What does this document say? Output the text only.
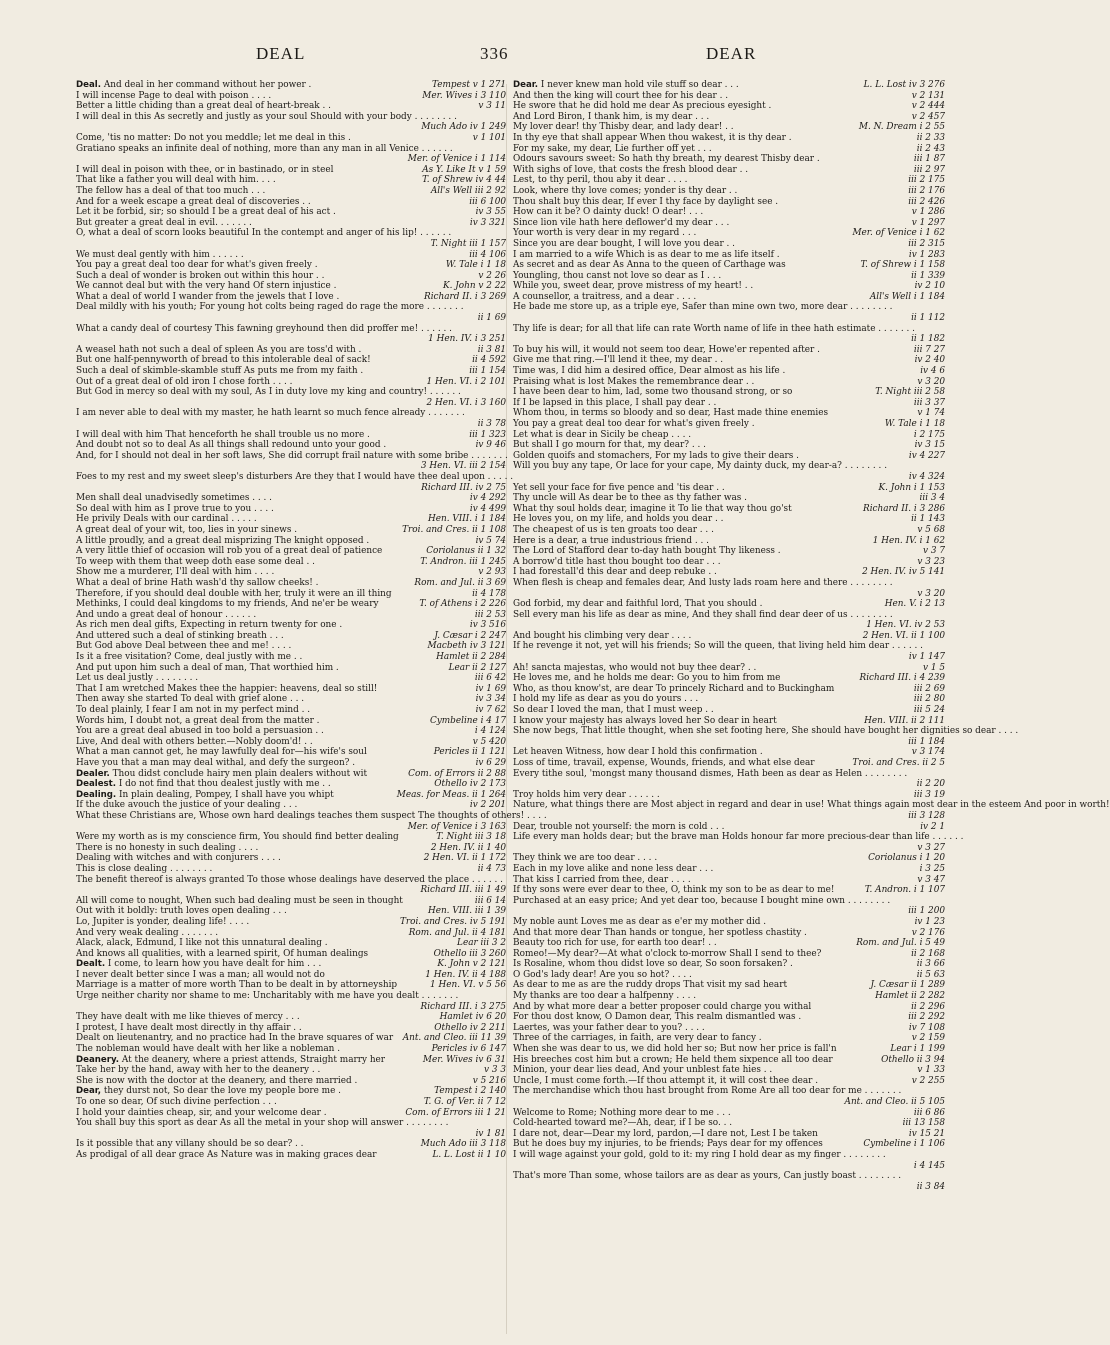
DEAL	336	DEAR
Deal. And deal in her command without her power .	Tempest v 1 271
I will incense Page to deal with poison . . . .	Mer. Wives i 3 110
Better a little chiding than a great deal of heart-break . .	v 3 11
I will deal in this As secretly and justly as your soul Should with your body . . . . . . . .
Much Ado iv 1 249
Come, 'tis no matter: Do not you meddle; let me deal in this .	v 1 101
Gratiano speaks an infinite deal of nothing, more than any man in all Venice . . . . . .
Mer. of Venice i 1 114
I will deal in poison with thee, or in bastinado, or in steel	As Y. Like It v 1 59
That like a father you will deal with him. . . .	T. of Shrew iv 4 44
The fellow has a deal of that too much . . .	All's Well iii 2 92
And for a week escape a great deal of discoveries . .	iii 6 100
Let it be forbid, sir; so should I be a great deal of his act .	iv 3 55
But greater a great deal in evil. . . . . . .	iv 3 321
O, what a deal of scorn looks beautiful In the contempt and anger of his lip! . . . . . .
T. Night iii 1 157
We must deal gently with him . . . . . .	iii 4 106
You pay a great deal too dear for what's given freely .	W. Tale i 1 18
Such a deal of wonder is broken out within this hour . .	v 2 26
We cannot deal but with the very hand Of stern injustice .	K. John v 2 22
What a deal of world I wander from the jewels that I love .	Richard II. i 3 269
Deal mildly with his youth; For young hot colts being raged do rage the more . . . . . . .
ii 1 69
What a candy deal of courtesy This fawning greyhound then did proffer me! . . . . . .
1 Hen. IV. i 3 251
A weasel hath not such a deal of spleen As you are toss'd with .	ii 3 81
But one half-pennyworth of bread to this intolerable deal of sack!	ii 4 592
Such a deal of skimble-skamble stuff As puts me from my faith .	iii 1 154
Out of a great deal of old iron I chose forth . . . .	1 Hen. VI. i 2 101
But God in mercy so deal with my soul, As I in duty love my king and country! . . . . . .
2 Hen. VI. i 3 160
I am never able to deal with my master, he hath learnt so much fence already . . . . . . .
ii 3 78
I will deal with him That henceforth he shall trouble us no more .	iii 1 323
And doubt not so to deal As all things shall redound unto your good .	iv 9 46
And, for I should not deal in her soft laws, She did corrupt frail nature with some bribe . . . . . . .
3 Hen. VI. iii 2 154
Foes to my rest and my sweet sleep's disturbers Are they that I would have thee deal upon . . . . .
Richard III. iv 2 75
Men shall deal unadvisedly sometimes . . . .	iv 4 292
So deal with him as I prove true to you . . . .	iv 4 499
He privily Deals with our cardinal . . . . .	Hen. VIII. i 1 184
A great deal of your wit, too, lies in your sinews .	Troi. and Cres. ii 1 108
A little proudly, and a great deal misprizing The knight opposed .	iv 5 74
A very little thief of occasion will rob you of a great deal of patience	Coriolanus ii 1 32
To weep with them that weep doth ease some deal . .	T. Andron. iii 1 245
Show me a murderer, I'll deal with him . . . .	v 2 93
What a deal of brine Hath wash'd thy sallow cheeks! .	Rom. and Jul. ii 3 69
Therefore, if you should deal double with her, truly it were an ill thing	ii 4 178
Methinks, I could deal kingdoms to my friends, And ne'er be weary	T. of Athens i 2 226
And undo a great deal of honour . . . . . .	iii 2 53
As rich men deal gifts, Expecting in return twenty for one .	iv 3 516
And uttered such a deal of stinking breath . . .	J. Cæsar i 2 247
But God above Deal between thee and me! . . . .	Macbeth iv 3 121
Is it a free visitation? Come, deal justly with me . .	Hamlet ii 2 284
And put upon him such a deal of man, That worthied him .	Lear ii 2 127
Let us deal justly . . . . . . . .	iii 6 42
That I am wretched Makes thee the happier: heavens, deal so still!	iv 1 69
Then away she started To deal with grief alone . . .	iv 3 34
To deal plainly, I fear I am not in my perfect mind . .	iv 7 62
Words him, I doubt not, a great deal from the matter .	Cymbeline i 4 17
You are a great deal abused in too bold a persuasion . .	i 4 124
Live, And deal with others better.—Nobly doom'd! . .	v 5 420
What a man cannot get, he may lawfully deal for—his wife's soul	Pericles ii 1 121
Have you that a man may deal withal, and defy the surgeon? .	iv 6 29
Dealer. Thou didst conclude hairy men plain dealers without wit	Com. of Errors ii 2 88
Dealest. I do not find that thou dealest justly with me . .	Othello iv 2 173
Dealing. In plain dealing, Pompey, I shall have you whipt	Meas. for Meas. ii 1 264
If the duke avouch the justice of your dealing . . .	iv 2 201
What these Christians are, Whose own hard dealings teaches them suspect The thoughts of others! . . . .
Mer. of Venice i 3 163
Were my worth as is my conscience firm, You should find better dealing	T. Night iii 3 18
There is no honesty in such dealing . . . .	2 Hen. IV. ii 1 40
Dealing with witches and with conjurers . . . .	2 Hen. VI. ii 1 172
This is close dealing . . . . . . . .	ii 4 73
The benefit thereof is always granted To those whose dealings have deserved the place . . . . . .
Richard III. iii 1 49
All will come to nought, When such bad dealing must be seen in thought	iii 6 14
Out with it boldly: truth loves open dealing . . .	Hen. VIII. iii 1 39
Lo, Jupiter is yonder, dealing life! . . . .	Troi. and Cres. iv 5 191
And very weak dealing . . . . . . .	Rom. and Jul. ii 4 181
Alack, alack, Edmund, I like not this unnatural dealing .	Lear iii 3 2
And knows all qualities, with a learned spirit, Of human dealings	Othello iii 3 260
Dealt. I come, to learn how you have dealt for him . . .	K. John v 2 121
I never dealt better since I was a man; all would not do	1 Hen. IV. ii 4 188
Marriage is a matter of more worth Than to be dealt in by attorneyship	1 Hen. VI. v 5 56
Urge neither charity nor shame to me: Uncharitably with me have you dealt . . . . . . .
Richard III. i 3 275
They have dealt with me like thieves of mercy . . .	Hamlet iv 6 20
I protest, I have dealt most directly in thy affair . .	Othello iv 2 211
Dealt on lieutenantry, and no practice had In the brave squares of war	Ant. and Cleo. iii 11 39
The nobleman would have dealt with her like a nobleman .	Pericles iv 6 147
Deanery. At the deanery, where a priest attends, Straight marry her	Mer. Wives iv 6 31
Take her by the hand, away with her to the deanery . .	v 3 3
She is now with the doctor at the deanery, and there married .	v 5 216
Dear, they durst not, So dear the love my people bore me .	Tempest i 2 140
To one so dear, Of such divine perfection . . .	T. G. of Ver. ii 7 12
I hold your dainties cheap, sir, and your welcome dear .	Com. of Errors iii 1 21
You shall buy this sport as dear As all the metal in your shop will answer . . . . . . . .
iv 1 81
Is it possible that any villany should be so dear? . .	Much Ado iii 3 118
As prodigal of all dear grace As Nature was in making graces dear	L. L. Lost ii 1 10
Dear. I never knew man hold vile stuff so dear . . .	L. L. Lost iv 3 276
And then the king will court thee for his dear . .	v 2 131
He swore that he did hold me dear As precious eyesight .	v 2 444
And Lord Biron, I thank him, is my dear . . .	v 2 457
My lover dear! thy Thisby dear, and lady dear! . .	M. N. Dream i 2 55
In thy eye that shall appear When thou wakest, it is thy dear .	ii 2 33
For my sake, my dear, Lie further off yet . . .	ii 2 43
Odours savours sweet: So hath thy breath, my dearest Thisby dear .	iii 1 87
With sighs of love, that costs the fresh blood dear . .	iii 2 97
Lest, to thy peril, thou aby it dear . . . .	iii 2 175
Look, where thy love comes; yonder is thy dear . .	iii 2 176
Thou shalt buy this dear, If ever I thy face by daylight see .	iii 2 426
How can it be? O dainty duck! O dear! . . .	v 1 286
Since lion vile hath here deflower'd my dear . . .	v 1 297
Your worth is very dear in my regard . . .	Mer. of Venice i 1 62
Since you are dear bought, I will love you dear . .	iii 2 315
I am married to a wife Which is as dear to me as life itself .	iv 1 283
As secret and as dear As Anna to the queen of Carthage was	T. of Shrew i 1 158
Youngling, thou canst not love so dear as I . . .	ii 1 339
While you, sweet dear, prove mistress of my heart! . .	iv 2 10
A counsellor, a traitress, and a dear . . . .	All's Well i 1 184
He bade me store up, as a triple eye, Safer than mine own two, more dear . . . . . . . .
ii 1 112
Thy life is dear; for all that life can rate Worth name of life in thee hath estimate . . . . . . .
ii 1 182
To buy his will, it would not seem too dear, Howe'er repented after .	iii 7 27
Give me that ring.—I'll lend it thee, my dear . .	iv 2 40
Time was, I did him a desired office, Dear almost as his life .	iv 4 6
Praising what is lost Makes the remembrance dear . .	v 3 20
I have been dear to him, lad, some two thousand strong, or so	T. Night iii 2 58
If I be lapsed in this place, I shall pay dear . .	iii 3 37
Whom thou, in terms so bloody and so dear, Hast made thine enemies	v 1 74
You pay a great deal too dear for what's given freely .	W. Tale i 1 18
Let what is dear in Sicily be cheap . . . .	i 2 175
But shall I go mourn for that, my dear? . . .	iv 3 15
Golden quoifs and stomachers, For my lads to give their dears .	iv 4 227
Will you buy any tape, Or lace for your cape, My dainty duck, my dear-a? . . . . . . . .
iv 4 324
Yet sell your face for five pence and 'tis dear . .	K. John i 1 153
Thy uncle will As dear be to thee as thy father was .	iii 3 4
What thy soul holds dear, imagine it To lie that way thou go'st	Richard II. i 3 286
He loves you, on my life, and holds you dear . .	ii 1 143
The cheapest of us is ten groats too dear . . .	v 5 68
Here is a dear, a true industrious friend . . .	1 Hen. IV. i 1 62
The Lord of Stafford dear to-day hath bought Thy likeness .	v 3 7
A borrow'd title hast thou bought too dear . . .	v 3 23
I had forestall'd this dear and deep rebuke . .	2 Hen. IV. iv 5 141
When flesh is cheap and females dear, And lusty lads roam here and there . . . . . . . .
v 3 20
God forbid, my dear and faithful lord, That you should .	Hen. V. i 2 13
Sell every man his life as dear as mine, And they shall find dear deer of us . . . . . . . .
1 Hen. VI. iv 2 53
And bought his climbing very dear . . . .	2 Hen. VI. ii 1 100
If he revenge it not, yet will his friends; So will the queen, that living held him dear . . . . . .
iv 1 147
Ah! sancta majestas, who would not buy thee dear? . .	v 1 5
He loves me, and he holds me dear: Go you to him from me	Richard III. i 4 239
Who, as thou know'st, are dear To princely Richard and to Buckingham	iii 2 69
I hold my life as dear as you do yours . . .	iii 2 80
So dear I loved the man, that I must weep . .	iii 5 24
I know your majesty has always loved her So dear in heart	Hen. VIII. ii 2 111
She now begs, That little thought, when she set footing here, She should have bought her dignities so dear . . . .
iii 1 184
Let heaven Witness, how dear I hold this confirmation .	v 3 174
Loss of time, travail, expense, Wounds, friends, and what else dear	Troi. and Cres. ii 2 5
Every tithe soul, 'mongst many thousand dismes, Hath been as dear as Helen . . . . . . . .
ii 2 20
Troy holds him very dear . . . . . .	iii 3 19
Nature, what things there are Most abject in regard and dear in use! What things again most dear in the esteem And poor in worth!
iii 3 128
Dear, trouble not yourself: the morn is cold . . .	iv 2 1
Life every man holds dear; but the brave man Holds honour far more precious-dear than life . . . . . .
v 3 27
They think we are too dear . . . .	Coriolanus i 1 20
Each in my love alike and none less dear . . .	i 3 25
That kiss I carried from thee, dear . . . .	v 3 47
If thy sons were ever dear to thee, O, think my son to be as dear to me!	T. Andron. i 1 107
Purchased at an easy price; And yet dear too, because I bought mine own . . . . . . . .
iii 1 200
My noble aunt Loves me as dear as e'er my mother did .	iv 1 23
And that more dear Than hands or tongue, her spotless chastity .	v 2 176
Beauty too rich for use, for earth too dear! . .	Rom. and Jul. i 5 49
Romeo!—My dear?—At what o'clock to-morrow Shall I send to thee?	ii 2 168
Is Rosaline, whom thou didst love so dear, So soon forsaken? .	ii 3 66
O God's lady dear! Are you so hot? . . . .	ii 5 63
As dear to me as are the ruddy drops That visit my sad heart	J. Cæsar ii 1 289
My thanks are too dear a halfpenny . . . .	Hamlet ii 2 282
And by what more dear a better proposer could charge you withal	ii 2 296
For thou dost know, O Damon dear, This realm dismantled was .	iii 2 292
Laertes, was your father dear to you? . . . .	iv 7 108
Three of the carriages, in faith, are very dear to fancy .	v 2 159
When she was dear to us, we did hold her so; But now her price is fall'n	Lear i 1 199
His breeches cost him but a crown; He held them sixpence all too dear	Othello ii 3 94
Minion, your dear lies dead, And your unblest fate hies . .	v 1 33
Uncle, I must come forth.—If thou attempt it, it will cost thee dear .	v 2 255
The merchandise which thou hast brought from Rome Are all too dear for me . . . . . . .
Ant. and Cleo. ii 5 105
Welcome to Rome; Nothing more dear to me . . .	iii 6 86
Cold-hearted toward me?—Ah, dear, if I be so. . .	iii 13 158
I dare not, dear—Dear my lord, pardon,—I dare not, Lest I be taken	iv 15 21
But he does buy my injuries, to be friends; Pays dear for my offences	Cymbeline i 1 106
I will wage against your gold, gold to it: my ring I hold dear as my finger . . . . . . . .
i 4 145
That's more Than some, whose tailors are as dear as yours, Can justly boast . . . . . . . .
ii 3 84
